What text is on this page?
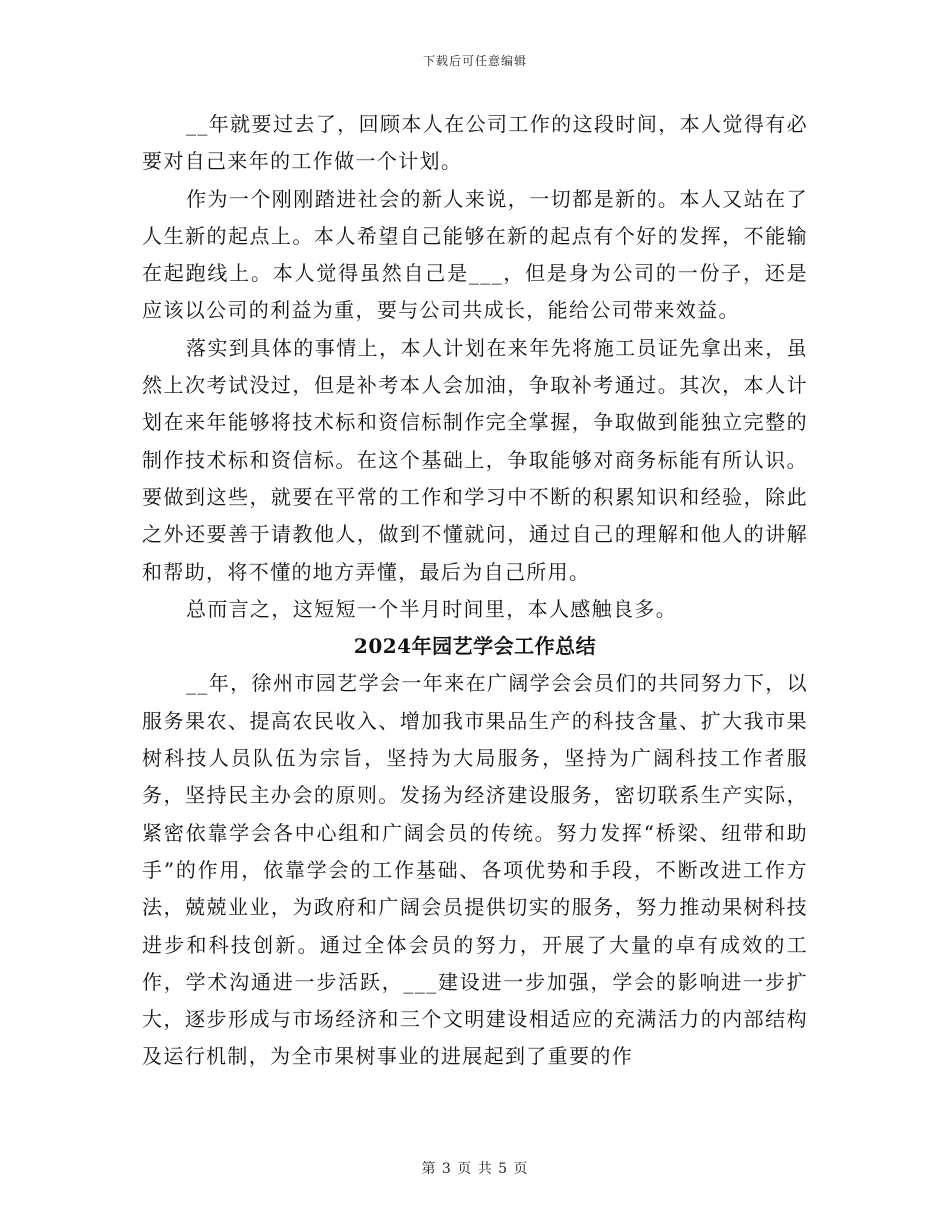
下载后可任意编辑

__年就要过去了，回顾本人在公司工作的这段时间，本人觉得有必要对自己来年的工作做一个计划。

作为一个刚刚踏进社会的新人来说，一切都是新的。本人又站在了人生新的起点上。本人希望自己能够在新的起点有个好的发挥，不能输在起跑线上。本人觉得虽然自己是___，但是身为公司的一份子，还是应该以公司的利益为重，要与公司共成长，能给公司带来效益。

落实到具体的事情上，本人计划在来年先将施工员证先拿出来，虽然上次考试没过，但是补考本人会加油，争取补考通过。其次，本人计划在来年能够将技术标和资信标制作完全掌握，争取做到能独立完整的制作技术标和资信标。在这个基础上，争取能够对商务标能有所认识。要做到这些，就要在平常的工作和学习中不断的积累知识和经验，除此之外还要善于请教他人，做到不懂就问，通过自己的理解和他人的讲解和帮助，将不懂的地方弄懂，最后为自己所用。

总而言之，这短短一个半月时间里，本人感触良多。

2024年园艺学会工作总结

__年，徐州市园艺学会一年来在广阔学会会员们的共同努力下，以服务果农、提高农民收入、增加我市果品生产的科技含量、扩大我市果树科技人员队伍为宗旨，坚持为大局服务，坚持为广阔科技工作者服务，坚持民主办会的原则。发扬为经济建设服务，密切联系生产实际，紧密依靠学会各中心组和广阔会员的传统。努力发挥“桥梁、纽带和助手”的作用，依靠学会的工作基础、各项优势和手段，不断改进工作方法，兢兢业业，为政府和广阔会员提供切实的服务，努力推动果树科技进步和科技创新。通过全体会员的努力，开展了大量的卓有成效的工作，学术沟通进一步活跃，___建设进一步加强，学会的影响进一步扩大，逐步形成与市场经济和三个文明建设相适应的充满活力的内部结构及运行机制，为全市果树事业的进展起到了重要的作

第 3 页 共 5 页
